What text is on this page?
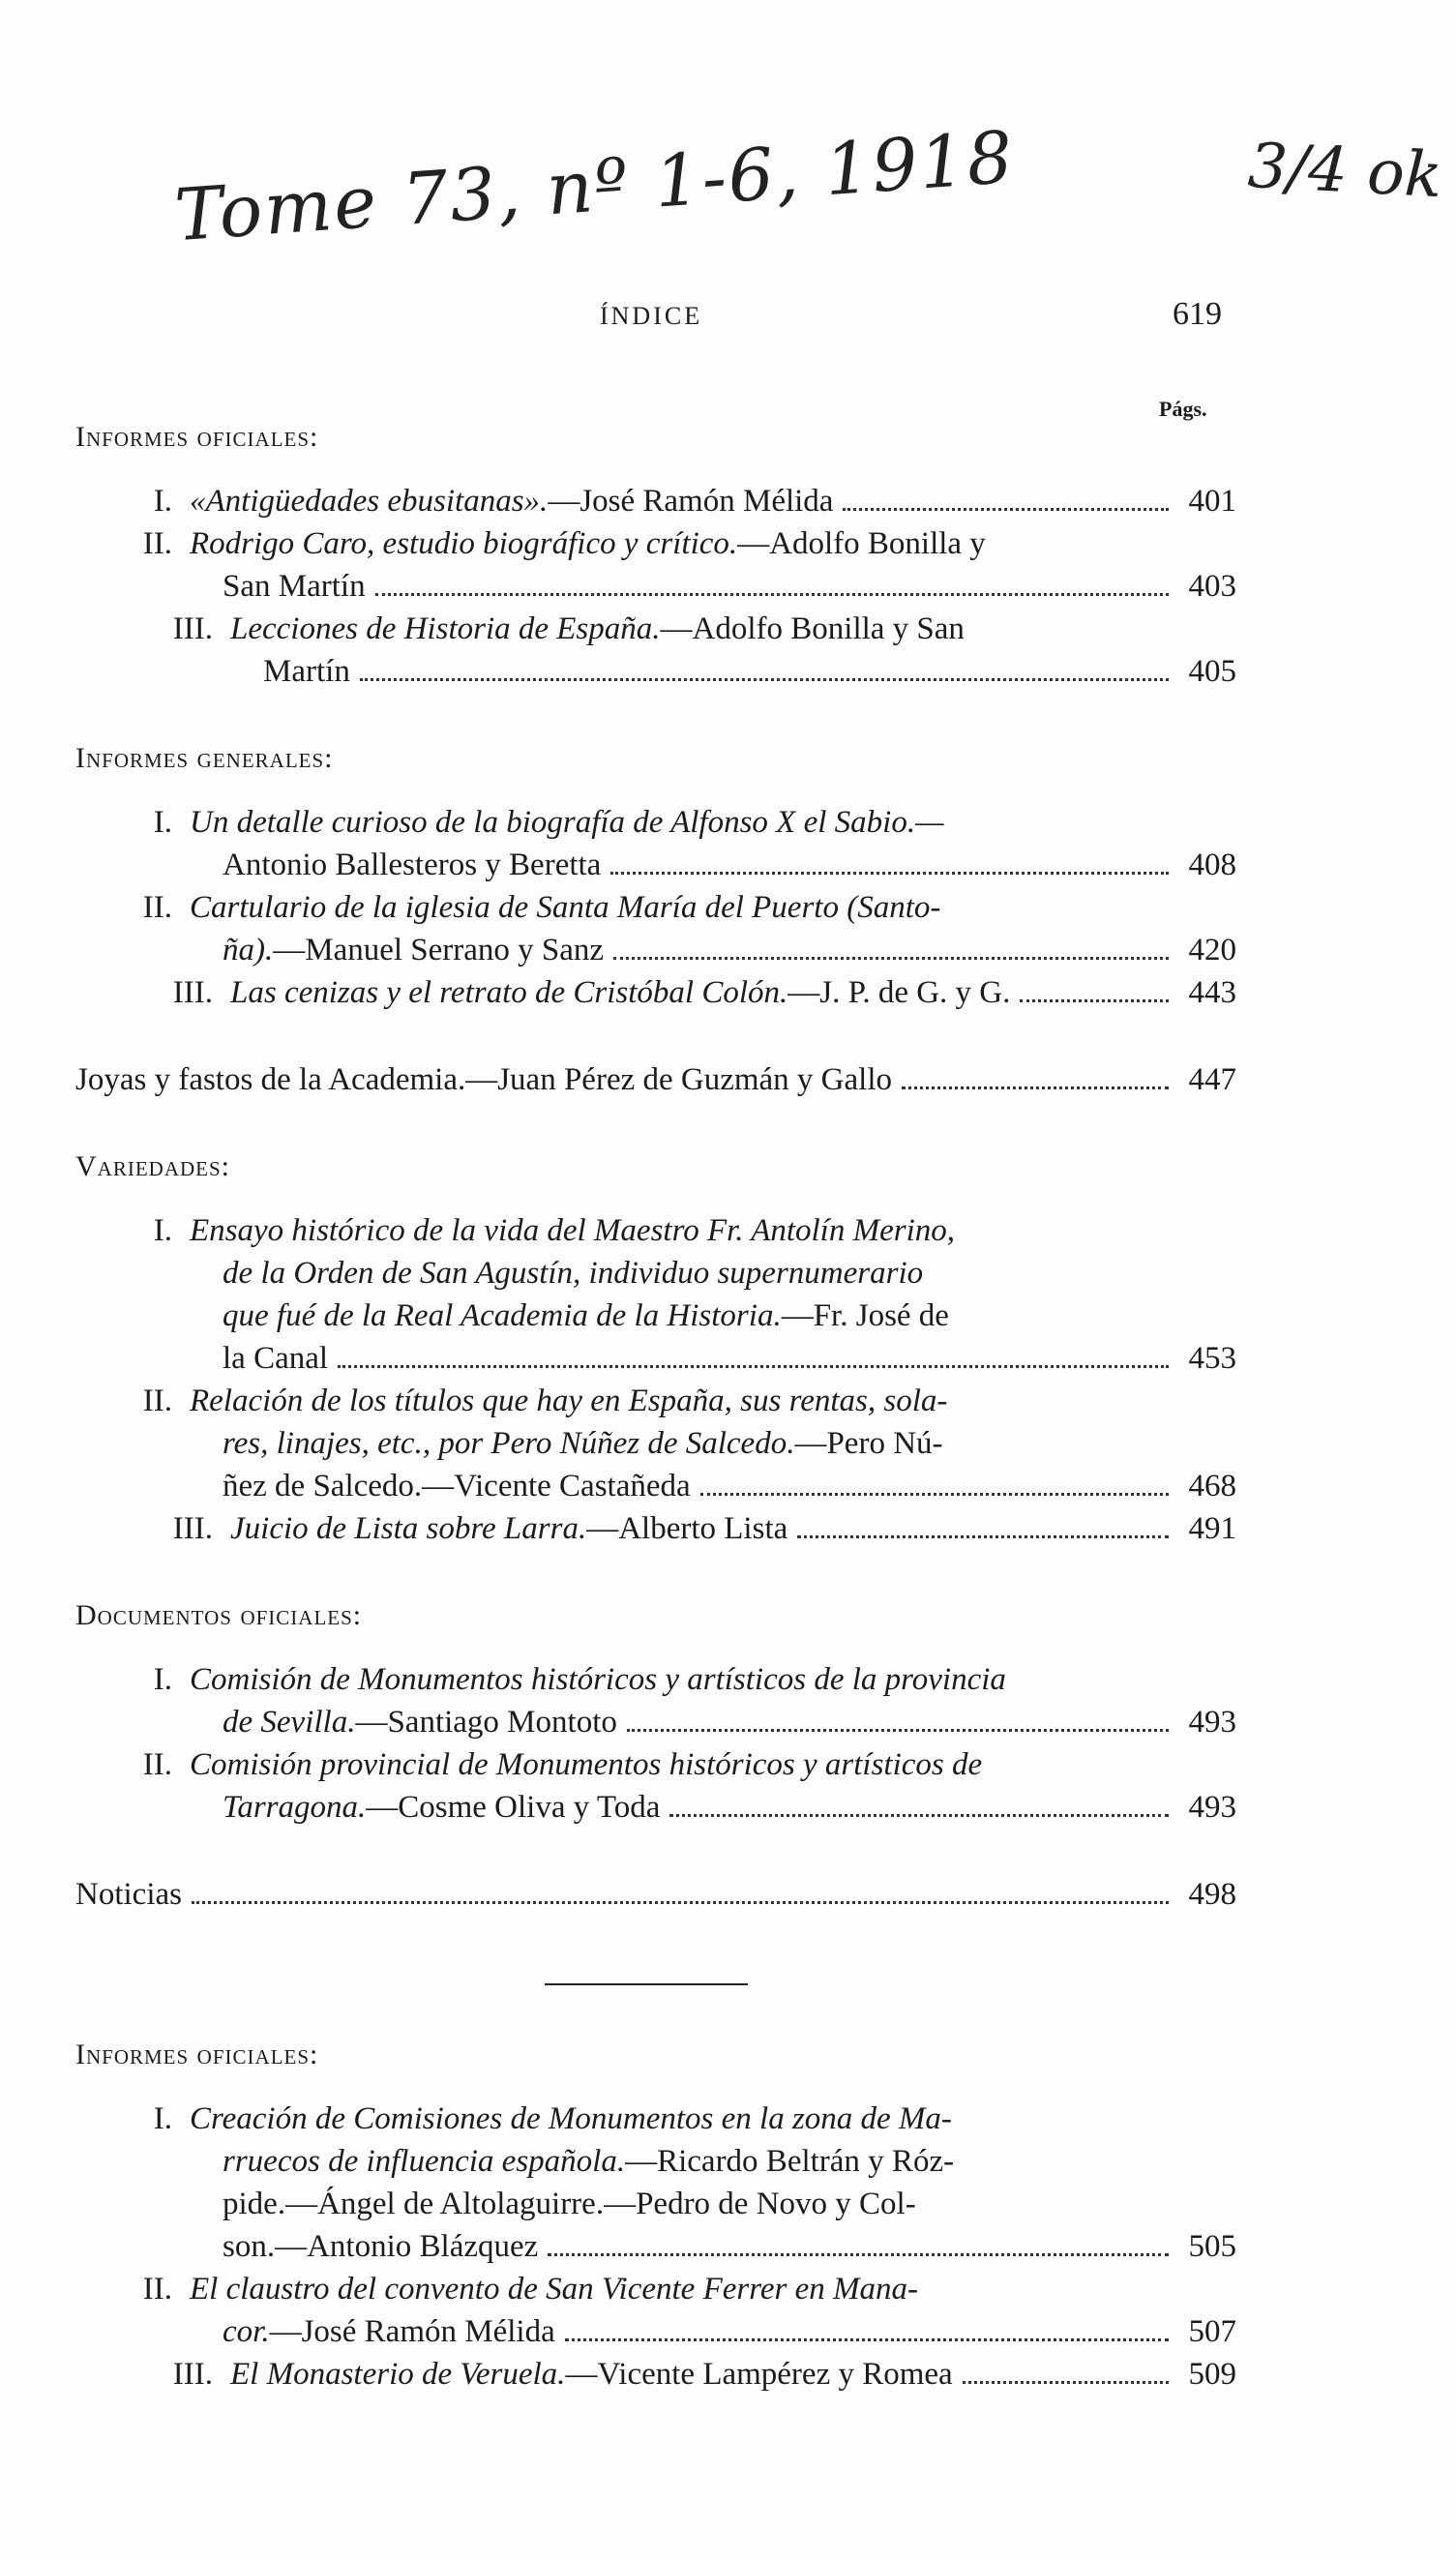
Tome 73, nº 1-6, 1918	3/4 ok
ÍNDICE	619
Págs.
Informes oficiales:
I. «Antigüedades ebusitanas». —José Ramón Mélida	401
II. Rodrigo Caro, estudio biográfico y crítico. —Adolfo Bonilla y
San Martín	403
III. Lecciones de Historia de España. —Adolfo Bonilla y San
Martín	405
Informes generales:
I. Un detalle curioso de la biografía de Alfonso X el Sabio.—
Antonio Ballesteros y Beretta	408
II. Cartulario de la iglesia de Santa María del Puerto (Santo-
ña). —Manuel Serrano y Sanz	420
III. Las cenizas y el retrato de Cristóbal Colón. —J. P. de G. y G.	443
Joyas y fastos de la Academia.—Juan Pérez de Guzmán y Gallo	447
Variedades:
I. Ensayo histórico de la vida del Maestro Fr. Antolín Merino,
de la Orden de San Agustín, individuo supernumerario
que fué de la Real Academia de la Historia. —Fr. José de
la Canal	453
II. Relación de los títulos que hay en España, sus rentas, sola-
res, linajes, etc., por Pero Núñez de Salcedo. —Pero Nú-
ñez de Salcedo.—Vicente Castañeda	468
III. Juicio de Lista sobre Larra. —Alberto Lista	491
Documentos oficiales:
I. Comisión de Monumentos históricos y artísticos de la provincia
de Sevilla. —Santiago Montoto	493
II. Comisión provincial de Monumentos históricos y artísticos de
Tarragona. —Cosme Oliva y Toda	493
Noticias	498
Informes oficiales:
I. Creación de Comisiones de Monumentos en la zona de Ma-
rruecos de influencia española. —Ricardo Beltrán y Róz-
pide.—Ángel de Altolaguirre.—Pedro de Novo y Col-
son.—Antonio Blázquez	505
II. El claustro del convento de San Vicente Ferrer en Mana-
cor. —José Ramón Mélida	507
III. El Monasterio de Veruela. —Vicente Lampérez y Romea	509
